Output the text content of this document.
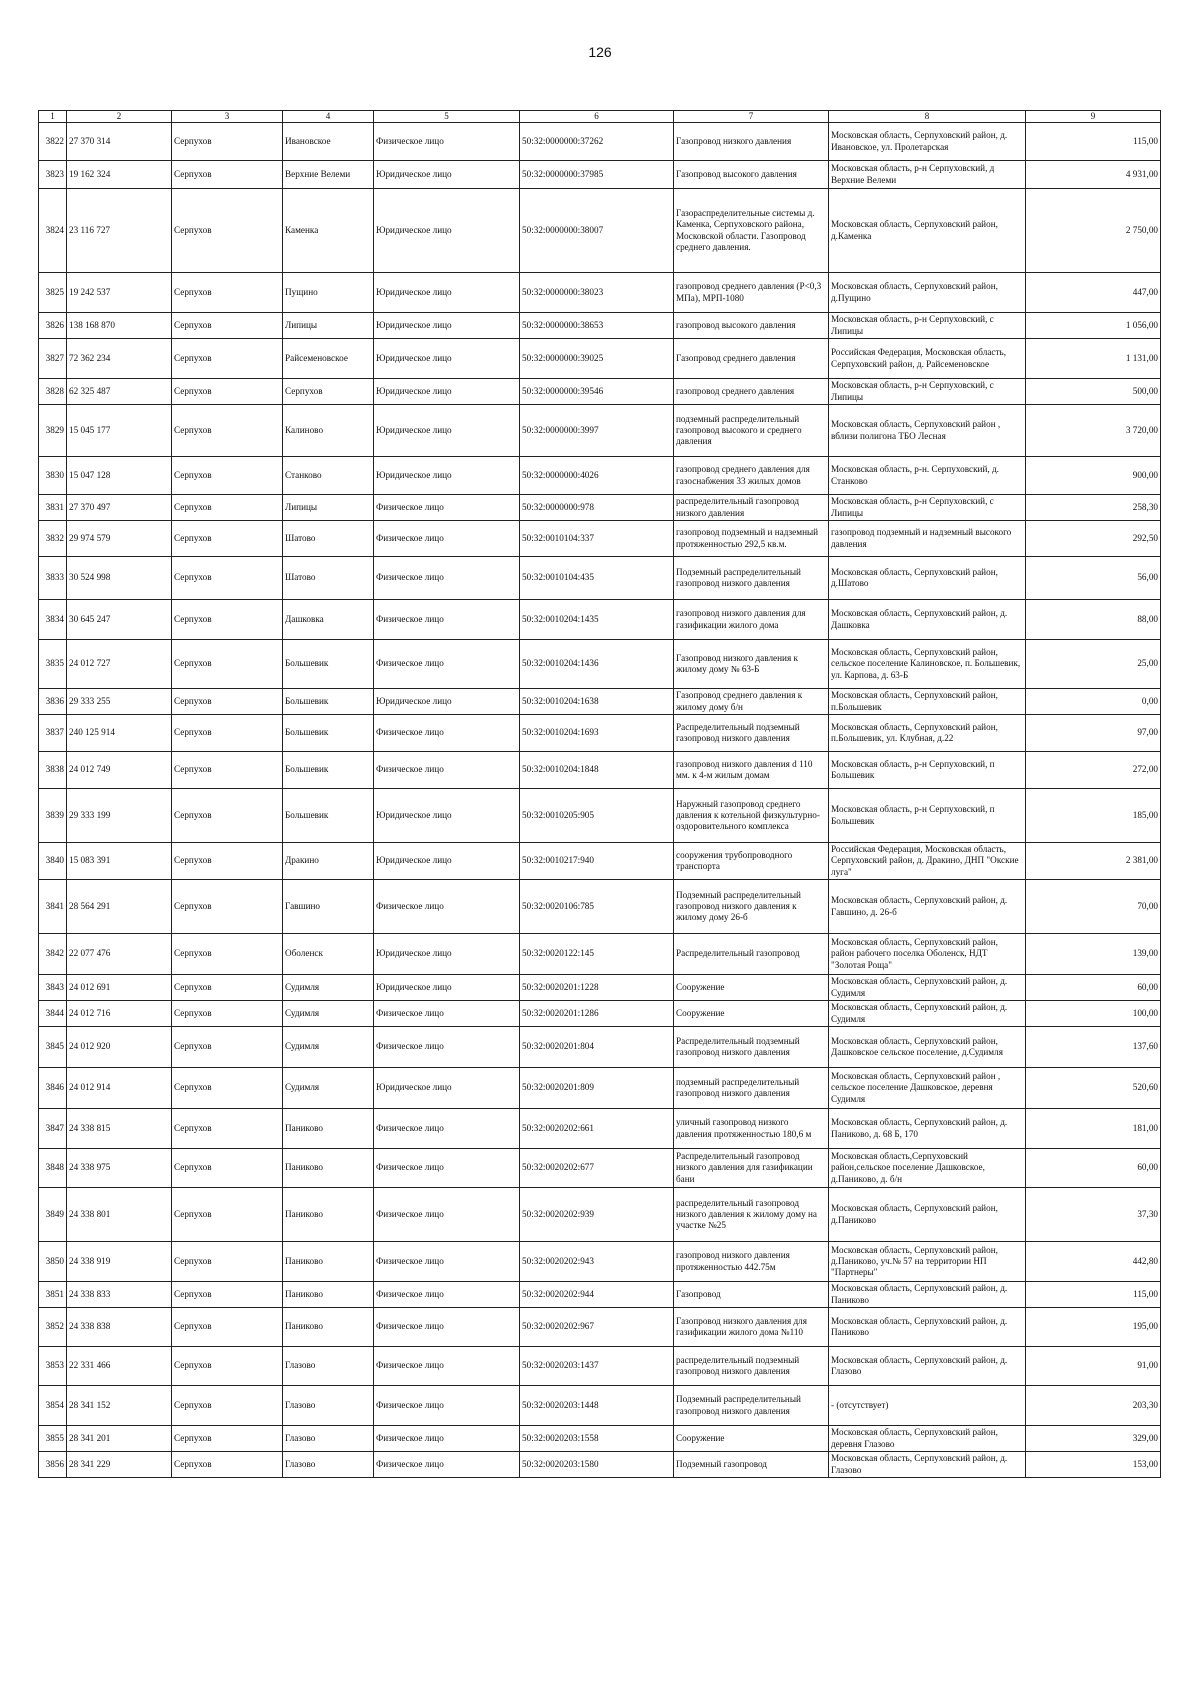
126
1	2	3	4	5	6	7	8	9
3822	27 370 314	Серпухов	Ивановское	Физическое лицо	50:32:0000000:37262	Газопровод низкого давления	Московская область, Серпуховский район, д. Ивановское, ул. Пролетарская	115,00
3823	19 162 324	Серпухов	Верхние Велеми	Юридическое лицо	50:32:0000000:37985	Газопровод высокого давления	Московская область, р-н Серпуховский, д Верхние Велеми	4 931,00
3824	23 116 727	Серпухов	Каменка	Юридическое лицо	50:32:0000000:38007	Газораспределительные системы д. Каменка, Серпуховского района, Московской области. Газопровод среднего давления.	Московская область, Серпуховский район, д.Каменка	2 750,00
3825	19 242 537	Серпухов	Пущино	Юридическое лицо	50:32:0000000:38023	газопровод среднего давления (Р<0,3 МПа), МРП-1080	Московская область, Серпуховский район, д.Пущино	447,00
3826	138 168 870	Серпухов	Липицы	Юридическое лицо	50:32:0000000:38653	газопровод высокого давления	Московская область, р-н Серпуховский, с Липицы	1 056,00
3827	72 362 234	Серпухов	Райсеменовское	Юридическое лицо	50:32:0000000:39025	Газопровод среднего давления	Российская Федерация, Московская область, Серпуховский район, д. Райсеменовское	1 131,00
3828	62 325 487	Серпухов	Серпухов	Юридическое лицо	50:32:0000000:39546	газопровод среднего давления	Московская область, р-н Серпуховский, с Липицы	500,00
3829	15 045 177	Серпухов	Калиново	Юридическое лицо	50:32:0000000:3997	подземный распределительный газопровод высокого и среднего давления	Московская область, Серпуховский район , вблизи полигона ТБО Лесная	3 720,00
3830	15 047 128	Серпухов	Станково	Юридическое лицо	50:32:0000000:4026	газопровод среднего давления для газоснабжения 33 жилых домов	Московская область, р-н. Серпуховский, д. Станково	900,00
3831	27 370 497	Серпухов	Липицы	Физическое лицо	50:32:0000000:978	распределительный газопровод низкого давления	Московская область, р-н Серпуховский, с Липицы	258,30
3832	29 974 579	Серпухов	Шатово	Физическое лицо	50:32:0010104:337	газопровод подземный и надземный протяженностью 292,5 кв.м.	газопровод подземный и надземный высокого давления	292,50
3833	30 524 998	Серпухов	Шатово	Физическое лицо	50:32:0010104:435	Подземный распределительный газопровод низкого давления	Московская область, Серпуховский район, д.Шатово	56,00
3834	30 645 247	Серпухов	Дашковка	Физическое лицо	50:32:0010204:1435	газопровод низкого давления для газификации жилого дома	Московская область, Серпуховский район, д. Дашковка	88,00
3835	24 012 727	Серпухов	Большевик	Физическое лицо	50:32:0010204:1436	Газопровод низкого давления к жилому дому № 63-Б	Московская область, Серпуховский район, сельское поселение Калиновское, п. Большевик, ул. Карпова, д. 63-Б	25,00
3836	29 333 255	Серпухов	Большевик	Юридическое лицо	50:32:0010204:1638	Газопровод среднего давления к жилому дому б/н	Московская область, Серпуховский район, п.Большевик	0,00
3837	240 125 914	Серпухов	Большевик	Физическое лицо	50:32:0010204:1693	Распределительный подземный газопровод низкого давления	Московская область, Серпуховский район, п.Большевик, ул. Клубная, д.22	97,00
3838	24 012 749	Серпухов	Большевик	Физическое лицо	50:32:0010204:1848	газопровод низкого давления d 110 мм. к 4-м жилым домам	Московская область, р-н Серпуховский, п Большевик	272,00
3839	29 333 199	Серпухов	Большевик	Юридическое лицо	50:32:0010205:905	Наружный газопровод среднего давления к котельной физкультурно-оздоровительного комплекса	Московская область, р-н Серпуховский, п Большевик	185,00
3840	15 083 391	Серпухов	Дракино	Юридическое лицо	50:32:0010217:940	сооружения трубопроводного транспорта	Российская Федерация, Московская область, Серпуховский район, д. Дракино, ДНП "Окские луга"	2 381,00
3841	28 564 291	Серпухов	Гавшино	Физическое лицо	50:32:0020106:785	Подземный распределительный газопровод низкого давления к жилому дому 26-б	Московская область, Серпуховский район, д. Гавшино, д. 26-б	70,00
3842	22 077 476	Серпухов	Оболенск	Юридическое лицо	50:32:0020122:145	Распределительный газопровод	Московская область, Серпуховский район, район рабочего поселка Оболенск, НДТ "Золотая Роща"	139,00
3843	24 012 691	Серпухов	Судимля	Юридическое лицо	50:32:0020201:1228	Сооружение	Московская область, Серпуховский район, д. Судимля	60,00
3844	24 012 716	Серпухов	Судимля	Физическое лицо	50:32:0020201:1286	Сооружение	Московская область, Серпуховский район, д. Судимля	100,00
3845	24 012 920	Серпухов	Судимля	Физическое лицо	50:32:0020201:804	Распределительный подземный газопровод низкого давления	Московская область, Серпуховский район, Дашковское сельское поселение, д.Судимля	137,60
3846	24 012 914	Серпухов	Судимля	Юридическое лицо	50:32:0020201:809	подземный распределительный газопровод низкого давления	Московская область, Серпуховский район , сельское поселение Дашковское, деревня Судимля	520,60
3847	24 338 815	Серпухов	Паниково	Физическое лицо	50:32:0020202:661	уличный газопровод низкого давления протяженностью 180,6 м	Московская область, Серпуховский район, д. Паниково, д. 68 Б, 170	181,00
3848	24 338 975	Серпухов	Паниково	Физическое лицо	50:32:0020202:677	Распределительный газопровод низкого давления для газификации бани	Московская область,Серпуховский район,сельское поселение Дашковское, д.Паниково, д. б/н	60,00
3849	24 338 801	Серпухов	Паниково	Физическое лицо	50:32:0020202:939	распределительный газопровод низкого давления к жилому дому на участке №25	Московская область, Серпуховский район, д.Паниково	37,30
3850	24 338 919	Серпухов	Паниково	Физическое лицо	50:32:0020202:943	газопровод низкого давления протяженностью 442.75м	Московская область, Серпуховский район, д.Паниково, уч.№ 57 на территории НП "Партнеры"	442,80
3851	24 338 833	Серпухов	Паниково	Физическое лицо	50:32:0020202:944	Газопровод	Московская область, Серпуховский район, д. Паниково	115,00
3852	24 338 838	Серпухов	Паниково	Физическое лицо	50:32:0020202:967	Газопровод низкого давления для газификации жилого дома №110	Московская область, Серпуховский район, д. Паниково	195,00
3853	22 331 466	Серпухов	Глазово	Физическое лицо	50:32:0020203:1437	распределительный подземный газопровод низкого давления	Московская область, Серпуховский район, д. Глазово	91,00
3854	28 341 152	Серпухов	Глазово	Физическое лицо	50:32:0020203:1448	Подземный распределительный газопровод низкого давления	- (отсутствует)	203,30
3855	28 341 201	Серпухов	Глазово	Физическое лицо	50:32:0020203:1558	Сооружение	Московская область, Серпуховский район, деревня Глазово	329,00
3856	28 341 229	Серпухов	Глазово	Физическое лицо	50:32:0020203:1580	Подземный газопровод	Московская область, Серпуховский район, д. Глазово	153,00
